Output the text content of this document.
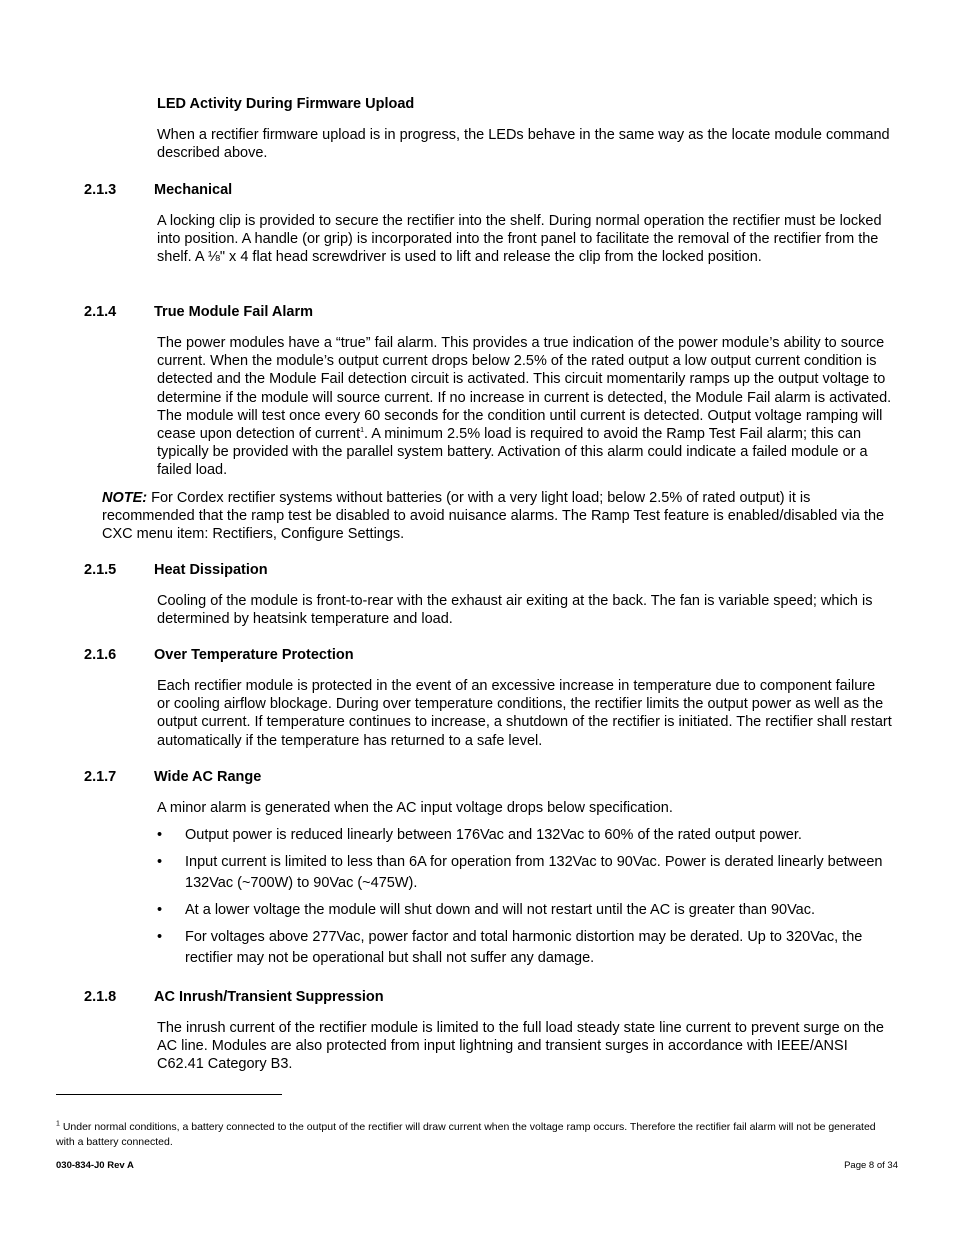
LED Activity During Firmware Upload
When a rectifier firmware upload is in progress, the LEDs behave in the same way as the locate module command described above.
2.1.3	Mechanical
A locking clip is provided to secure the rectifier into the shelf. During normal operation the rectifier must be locked into position. A handle (or grip) is incorporated into the front panel to facilitate the removal of the rectifier from the shelf. A ⅛" x 4 flat head screwdriver is used to lift and release the clip from the locked position.
2.1.4	True Module Fail Alarm
The power modules have a “true” fail alarm. This provides a true indication of the power module’s ability to source current. When the module’s output current drops below 2.5% of the rated output a low output current condition is detected and the Module Fail detection circuit is activated. This circuit momentarily ramps up the output voltage to determine if the module will source current. If no increase in current is detected, the Module Fail alarm is activated. The module will test once every 60 seconds for the condition until current is detected. Output voltage ramping will cease upon detection of current$^1$. A minimum 2.5% load is required to avoid the Ramp Test Fail alarm; this can typically be provided with the parallel system battery. Activation of this alarm could indicate a failed module or a failed load.
NOTE: For Cordex rectifier systems without batteries (or with a very light load; below 2.5% of rated output) it is recommended that the ramp test be disabled to avoid nuisance alarms. The Ramp Test feature is enabled/disabled via the CXC menu item: Rectifiers, Configure Settings.
2.1.5	Heat Dissipation
Cooling of the module is front-to-rear with the exhaust air exiting at the back. The fan is variable speed; which is determined by heatsink temperature and load.
2.1.6	Over Temperature Protection
Each rectifier module is protected in the event of an excessive increase in temperature due to component failure or cooling airflow blockage. During over temperature conditions, the rectifier limits the output power as well as the output current. If temperature continues to increase, a shutdown of the rectifier is initiated. The rectifier shall restart automatically if the temperature has returned to a safe level.
2.1.7	Wide AC Range
A minor alarm is generated when the AC input voltage drops below specification.
• Output power is reduced linearly between 176Vac and 132Vac to 60% of the rated output power.
• Input current is limited to less than 6A for operation from 132Vac to 90Vac. Power is derated linearly between 132Vac (~700W) to 90Vac (~475W).
• At a lower voltage the module will shut down and will not restart until the AC is greater than 90Vac.
• For voltages above 277Vac, power factor and total harmonic distortion may be derated. Up to 320Vac, the rectifier may not be operational but shall not suffer any damage.
2.1.8	AC Inrush/Transient Suppression
The inrush current of the rectifier module is limited to the full load steady state line current to prevent surge on the AC line. Modules are also protected from input lightning and transient surges in accordance with IEEE/ANSI C62.41 Category B3.
$^1$ Under normal conditions, a battery connected to the output of the rectifier will draw current when the voltage ramp occurs. Therefore the rectifier fail alarm will not be generated with a battery connected.
030-834-J0 Rev A	Page 8 of 34
